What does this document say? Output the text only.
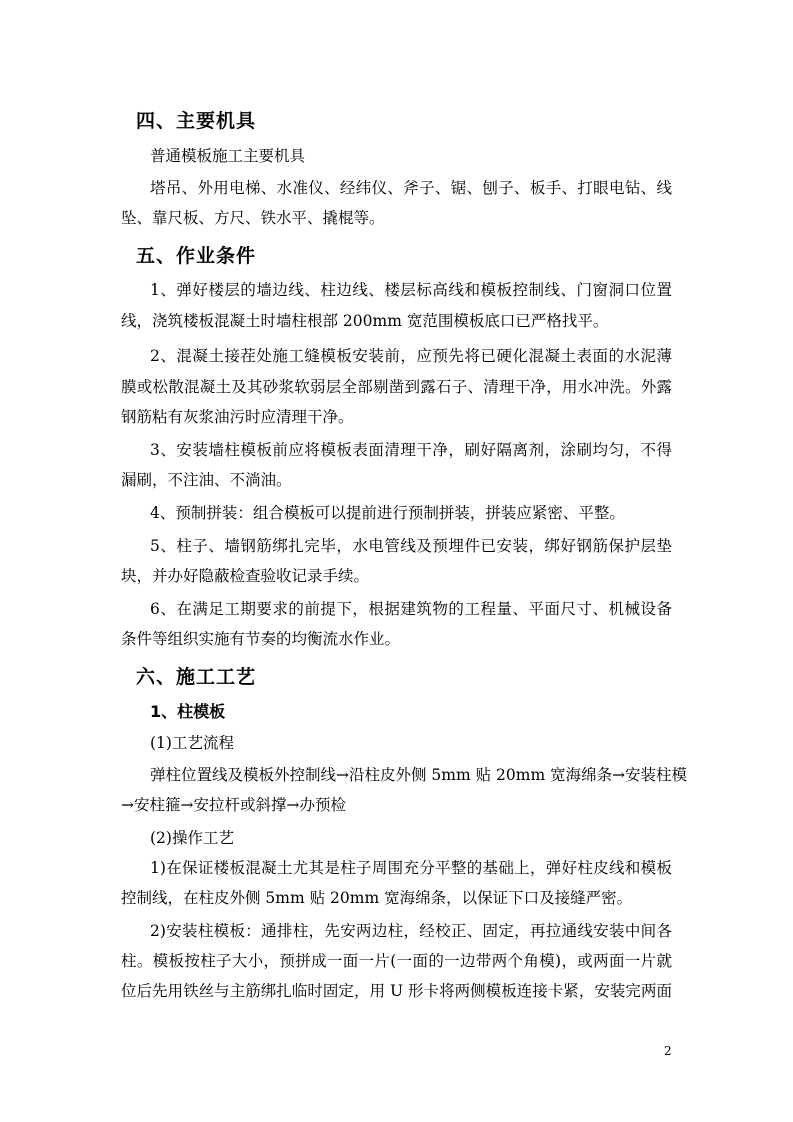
四、主要机具
普通模板施工主要机具
塔吊、外用电梯、水准仪、经纬仪、斧子、锯、刨子、板手、打眼电钻、线
坠、靠尺板、方尺、铁水平、撬棍等。
五、作业条件
1、弹好楼层的墙边线、柱边线、楼层标高线和模板控制线、门窗洞口位置
线，浇筑楼板混凝土时墙柱根部 200mm 宽范围模板底口已严格找平。
2、混凝土接茬处施工缝模板安装前，应预先将已硬化混凝土表面的水泥薄
膜或松散混凝土及其砂浆软弱层全部剔凿到露石子、清理干净，用水冲洗。外露
钢筋粘有灰浆油污时应清理干净。
3、安装墙柱模板前应将模板表面清理干净，刷好隔离剂，涂刷均匀，不得
漏刷，不注油、不淌油。
4、预制拼装：组合模板可以提前进行预制拼装，拼装应紧密、平整。
5、柱子、墙钢筋绑扎完毕，水电管线及预埋件已安装，绑好钢筋保护层垫
块，并办好隐蔽检查验收记录手续。
6、在满足工期要求的前提下，根据建筑物的工程量、平面尺寸、机械设备
条件等组织实施有节奏的均衡流水作业。
六、施工工艺
1、柱模板
(1)工艺流程
弹柱位置线及模板外控制线→沿柱皮外侧 5mm 贴 20mm 宽海绵条→安装柱模
→安柱箍→安拉杆或斜撑→办预检
(2)操作工艺
1)在保证楼板混凝土尤其是柱子周围充分平整的基础上，弹好柱皮线和模板
控制线，在柱皮外侧 5mm 贴 20mm 宽海绵条，以保证下口及接缝严密。
2)安装柱模板：通排柱，先安两边柱，经校正、固定，再拉通线安装中间各
柱。模板按柱子大小，预拼成一面一片(一面的一边带两个角模)，或两面一片就
位后先用铁丝与主筋绑扎临时固定，用 U 形卡将两侧模板连接卡紧，安装完两面
2
